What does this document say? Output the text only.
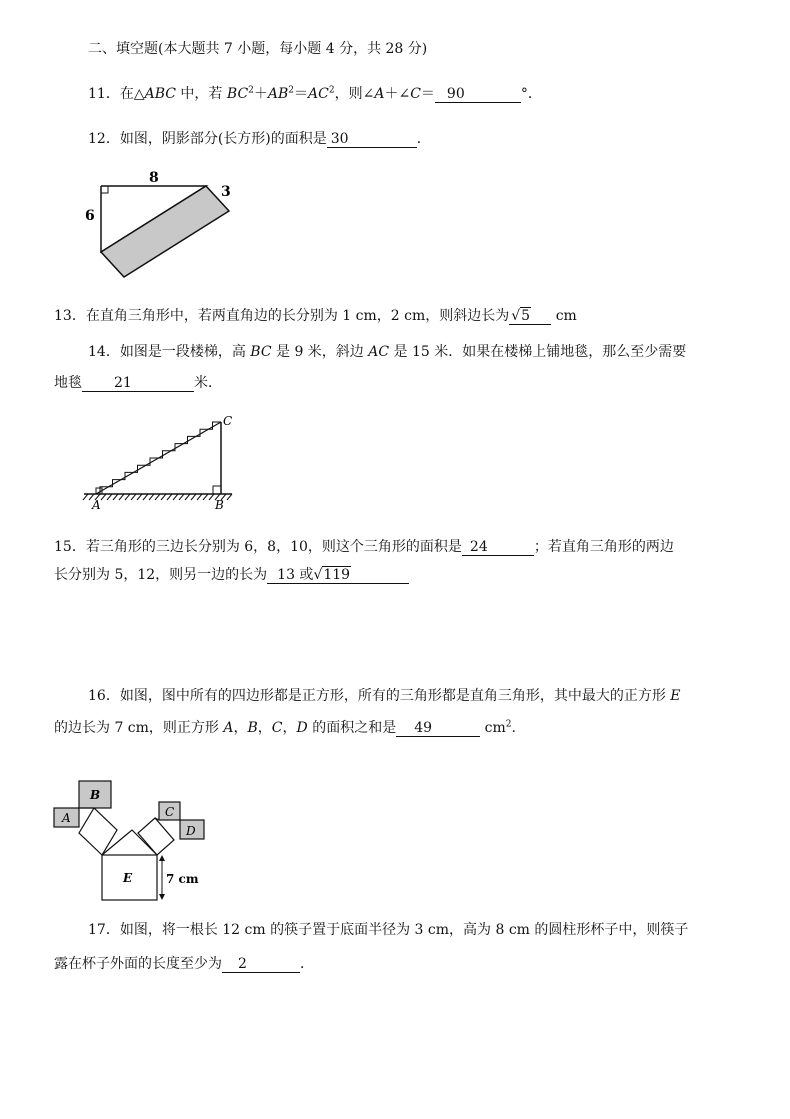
二、填空题(本大题共 7 小题，每小题 4 分，共 28 分)
11．在△ABC 中，若 $BC^2+AB^2=AC^2$，则∠A＋∠C＝ 90	°．
12．如图，阴影部分(长方形)的面积是 30	．
8
6
3
13．在直角三角形中，若两直角边的长分别为 1 cm，2 cm，则斜边长为 √5 cm
14．如图是一段楼梯，高 BC 是 9 米，斜边 AC 是 15 米．如果在楼梯上铺地毯，那么至少需要
地毯 21	米．
A	B
C
15．若三角形的三边长分别为 6，8，10，则这个三角形的面积是 24	；若直角三角形的两边
长分别为 5，12，则另一边的长为 13 或√119
16．如图，图中所有的四边形都是正方形，所有的三角形都是直角三角形，其中最大的正方形 E
的边长为 7 cm，则正方形 A，B，C，D 的面积之和是 49	$cm^2$.
B
A	C
D
E	7 cm
17．如图，将一根长 12 cm 的筷子置于底面半径为 3 cm，高为 8 cm 的圆柱形杯子中，则筷子
露在杯子外面的长度至少为 2	．
